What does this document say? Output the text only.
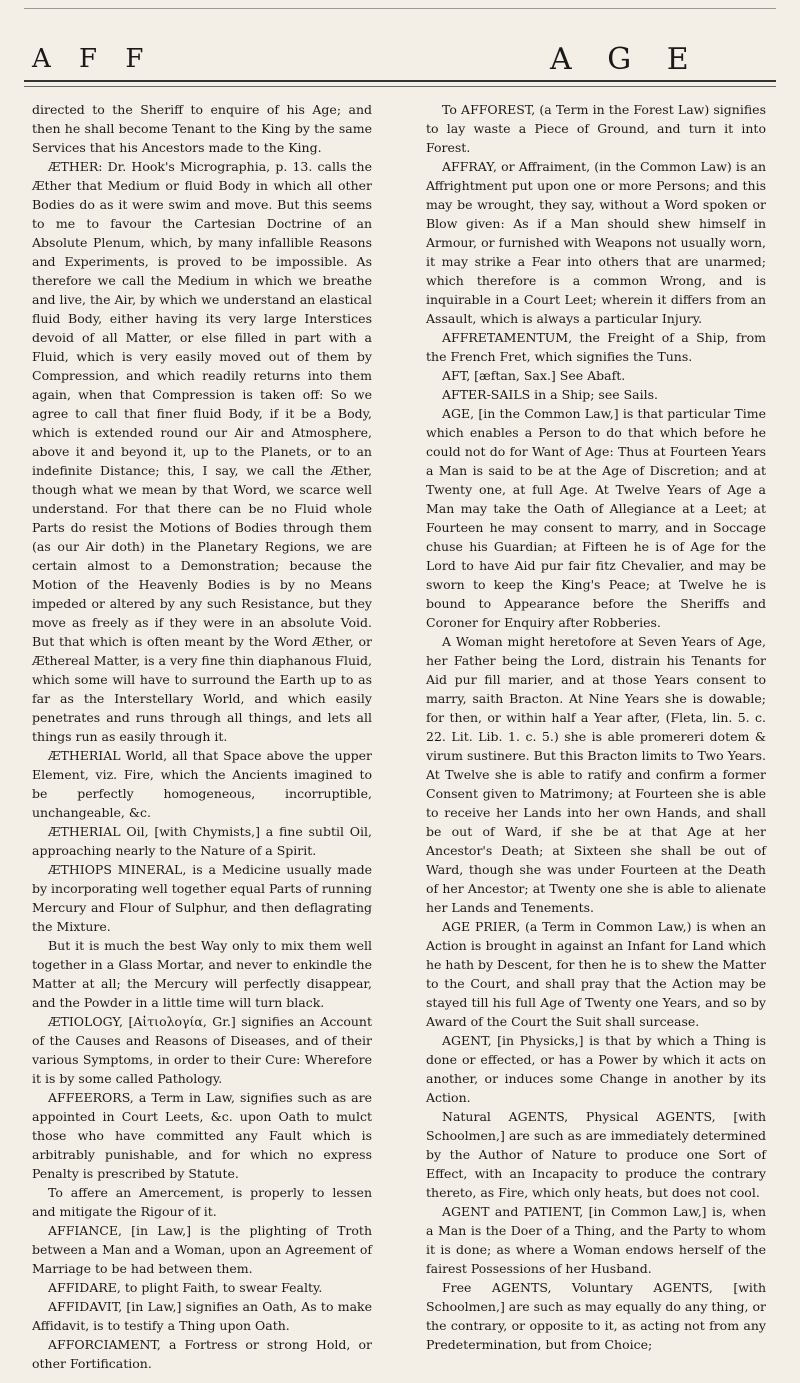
A F F	A G E

directed to the Sheriff to enquire of his Age; and then he shall become Tenant to the King by the same Services that his Ancestors made to the King.

ÆTHER: Dr. Hook's Micrographia, p. 13. calls the Æther that Medium or fluid Body in which all other Bodies do as it were swim and move. But this seems to me to favour the Cartesian Doctrine of an Absolute Plenum, which, by many infallible Reasons and Experiments, is proved to be impossible. As therefore we call the Medium in which we breathe and live, the Air, by which we understand an elastical fluid Body, either having its very large Interstices devoid of all Matter, or else filled in part with a Fluid, which is very easily moved out of them by Compression, and which readily returns into them again, when that Compression is taken off: So we agree to call that finer fluid Body, if it be a Body, which is extended round our Air and Atmosphere, above it and beyond it, up to the Planets, or to an indefinite Distance; this, I say, we call the Æther, though what we mean by that Word, we scarce well understand. For that there can be no Fluid whole Parts do resist the Motions of Bodies through them (as our Air doth) in the Planetary Regions, we are certain almost to a Demonstration; because the Motion of the Heavenly Bodies is by no Means impeded or altered by any such Resistance, but they move as freely as if they were in an absolute Void. But that which is often meant by the Word Æther, or Æthereal Matter, is a very fine thin diaphanous Fluid, which some will have to surround the Earth up to as far as the Interstellary World, and which easily penetrates and runs through all things, and lets all things run as easily through it.

ÆTHERIAL World, all that Space above the upper Element, viz. Fire, which the Ancients imagined to be perfectly homogeneous, incorruptible, unchangeable, &c.

ÆTHERIAL Oil, [with Chymists,] a fine subtil Oil, approaching nearly to the Nature of a Spirit.

ÆTHIOPS MINERAL, is a Medicine usually made by incorporating well together equal Parts of running Mercury and Flour of Sulphur, and then deflagrating the Mixture.

But it is much the best Way only to mix them well together in a Glass Mortar, and never to enkindle the Matter at all; the Mercury will perfectly disappear, and the Powder in a little time will turn black.

ÆTIOLOGY, [Αἰτιολογία, Gr.] signifies an Account of the Causes and Reasons of Diseases, and of their various Symptoms, in order to their Cure: Wherefore it is by some called Pathology.

AFFEERORS, a Term in Law, signifies such as are appointed in Court Leets, &c. upon Oath to mulct those who have committed any Fault which is arbitrably punishable, and for which no express Penalty is prescribed by Statute.

To affere an Amercement, is properly to lessen and mitigate the Rigour of it.

AFFIANCE, [in Law,] is the plighting of Troth between a Man and a Woman, upon an Agreement of Marriage to be had between them.

AFFIDARE, to plight Faith, to swear Fealty.

AFFIDAVIT, [in Law,] signifies an Oath, As to make Affidavit, is to testify a Thing upon Oath.

AFFORCIAMENT, a Fortress or strong Hold, or other Fortification.

To AFFOREST, (a Term in the Forest Law) signifies to lay waste a Piece of Ground, and turn it into Forest.

AFFRAY, or Affraiment, (in the Common Law) is an Affrightment put upon one or more Persons; and this may be wrought, they say, without a Word spoken or Blow given: As if a Man should shew himself in Armour, or furnished with Weapons not usually worn, it may strike a Fear into others that are unarmed; which therefore is a common Wrong, and is inquirable in a Court Leet; wherein it differs from an Assault, which is always a particular Injury.

AFFRETAMENTUM, the Freight of a Ship, from the French Fret, which signifies the Tuns.

AFT, [æftan, Sax.] See Abaft.

AFTER-SAILS in a Ship; see Sails.

AGE, [in the Common Law,] is that particular Time which enables a Person to do that which before he could not do for Want of Age: Thus at Fourteen Years a Man is said to be at the Age of Discretion; and at Twenty one, at full Age. At Twelve Years of Age a Man may take the Oath of Allegiance at a Leet; at Fourteen he may consent to marry, and in Soccage chuse his Guardian; at Fifteen he is of Age for the Lord to have Aid pur fair fitz Chevalier, and may be sworn to keep the King's Peace; at Twelve he is bound to Appearance before the Sheriffs and Coroner for Enquiry after Robberies.

A Woman might heretofore at Seven Years of Age, her Father being the Lord, distrain his Tenants for Aid pur fill marier, and at those Years consent to marry, saith Bracton. At Nine Years she is dowable; for then, or within half a Year after, (Fleta, lin. 5. c. 22. Lit. Lib. 1. c. 5.) she is able promereri dotem & virum sustinere. But this Bracton limits to Two Years. At Twelve she is able to ratify and confirm a former Consent given to Matrimony; at Fourteen she is able to receive her Lands into her own Hands, and shall be out of Ward, if she be at that Age at her Ancestor's Death; at Sixteen she shall be out of Ward, though she was under Fourteen at the Death of her Ancestor; at Twenty one she is able to alienate her Lands and Tenements.

AGE PRIER, (a Term in Common Law,) is when an Action is brought in against an Infant for Land which he hath by Descent, for then he is to shew the Matter to the Court, and shall pray that the Action may be stayed till his full Age of Twenty one Years, and so by Award of the Court the Suit shall surcease.

AGENT, [in Physicks,] is that by which a Thing is done or effected, or has a Power by which it acts on another, or induces some Change in another by its Action.

Natural AGENTS, Physical AGENTS, [with Schoolmen,] are such as are immediately determined by the Author of Nature to produce one Sort of Effect, with an Incapacity to produce the contrary thereto, as Fire, which only heats, but does not cool.

AGENT and PATIENT, [in Common Law,] is, when a Man is the Doer of a Thing, and the Party to whom it is done; as where a Woman endows herself of the fairest Possessions of her Husband.

Free AGENTS, Voluntary AGENTS, [with Schoolmen,] are such as may equally do any thing, or the contrary, or opposite to it, as acting not from any Predetermination, but from Choice;
